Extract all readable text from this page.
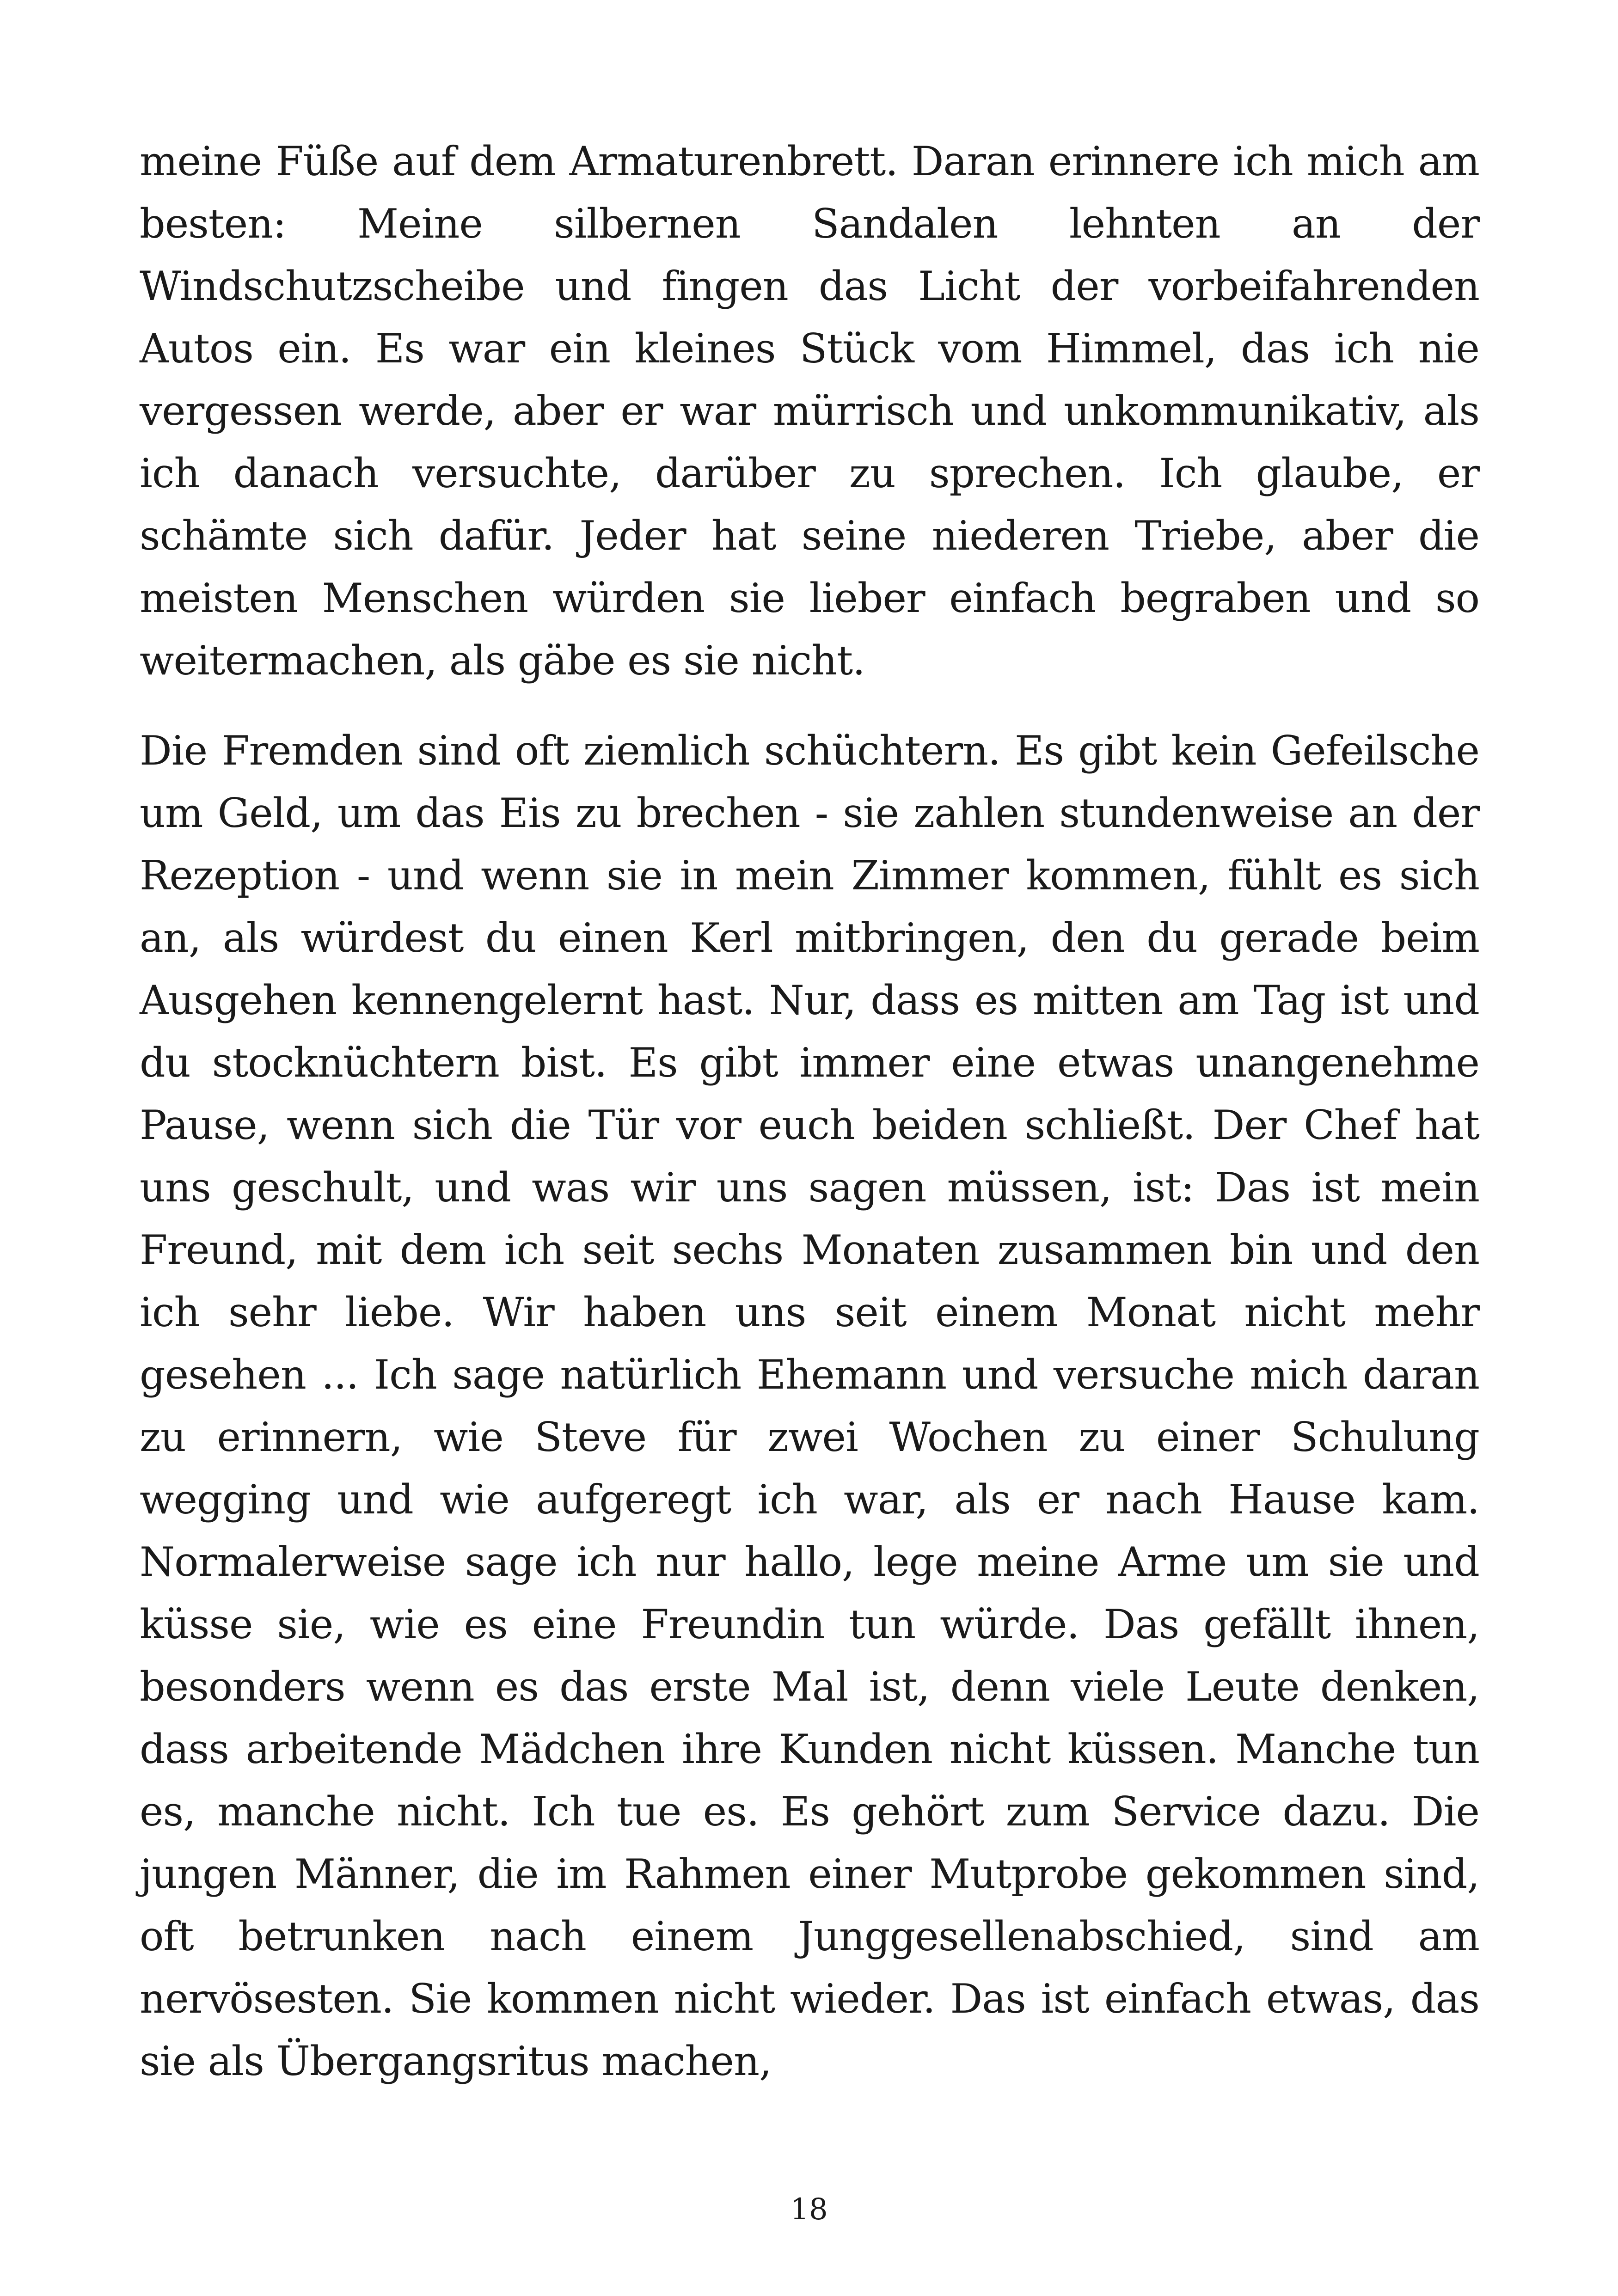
meine Füße auf dem Armaturenbrett. Daran erinnere ich mich am besten: Meine silbernen Sandalen lehnten an der Windschutzscheibe und fingen das Licht der vorbeifahrenden Autos ein. Es war ein kleines Stück vom Himmel, das ich nie vergessen werde, aber er war mürrisch und unkommunikativ, als ich danach versuchte, darüber zu sprechen. Ich glaube, er schämte sich dafür. Jeder hat seine niederen Triebe, aber die meisten Menschen würden sie lieber einfach begraben und so weitermachen, als gäbe es sie nicht.

Die Fremden sind oft ziemlich schüchtern. Es gibt kein Gefeilsche um Geld, um das Eis zu brechen - sie zahlen stundenweise an der Rezeption - und wenn sie in mein Zimmer kommen, fühlt es sich an, als würdest du einen Kerl mitbringen, den du gerade beim Ausgehen kennengelernt hast. Nur, dass es mitten am Tag ist und du stocknüchtern bist. Es gibt immer eine etwas unangenehme Pause, wenn sich die Tür vor euch beiden schließt. Der Chef hat uns geschult, und was wir uns sagen müssen, ist: Das ist mein Freund, mit dem ich seit sechs Monaten zusammen bin und den ich sehr liebe. Wir haben uns seit einem Monat nicht mehr gesehen ... Ich sage natürlich Ehemann und versuche mich daran zu erinnern, wie Steve für zwei Wochen zu einer Schulung wegging und wie aufgeregt ich war, als er nach Hause kam. Normalerweise sage ich nur hallo, lege meine Arme um sie und küsse sie, wie es eine Freundin tun würde. Das gefällt ihnen, besonders wenn es das erste Mal ist, denn viele Leute denken, dass arbeitende Mädchen ihre Kunden nicht küssen. Manche tun es, manche nicht. Ich tue es. Es gehört zum Service dazu. Die jungen Männer, die im Rahmen einer Mutprobe gekommen sind, oft betrunken nach einem Junggesellenabschied, sind am nervösesten. Sie kommen nicht wieder. Das ist einfach etwas, das sie als Übergangsritus machen,

18
